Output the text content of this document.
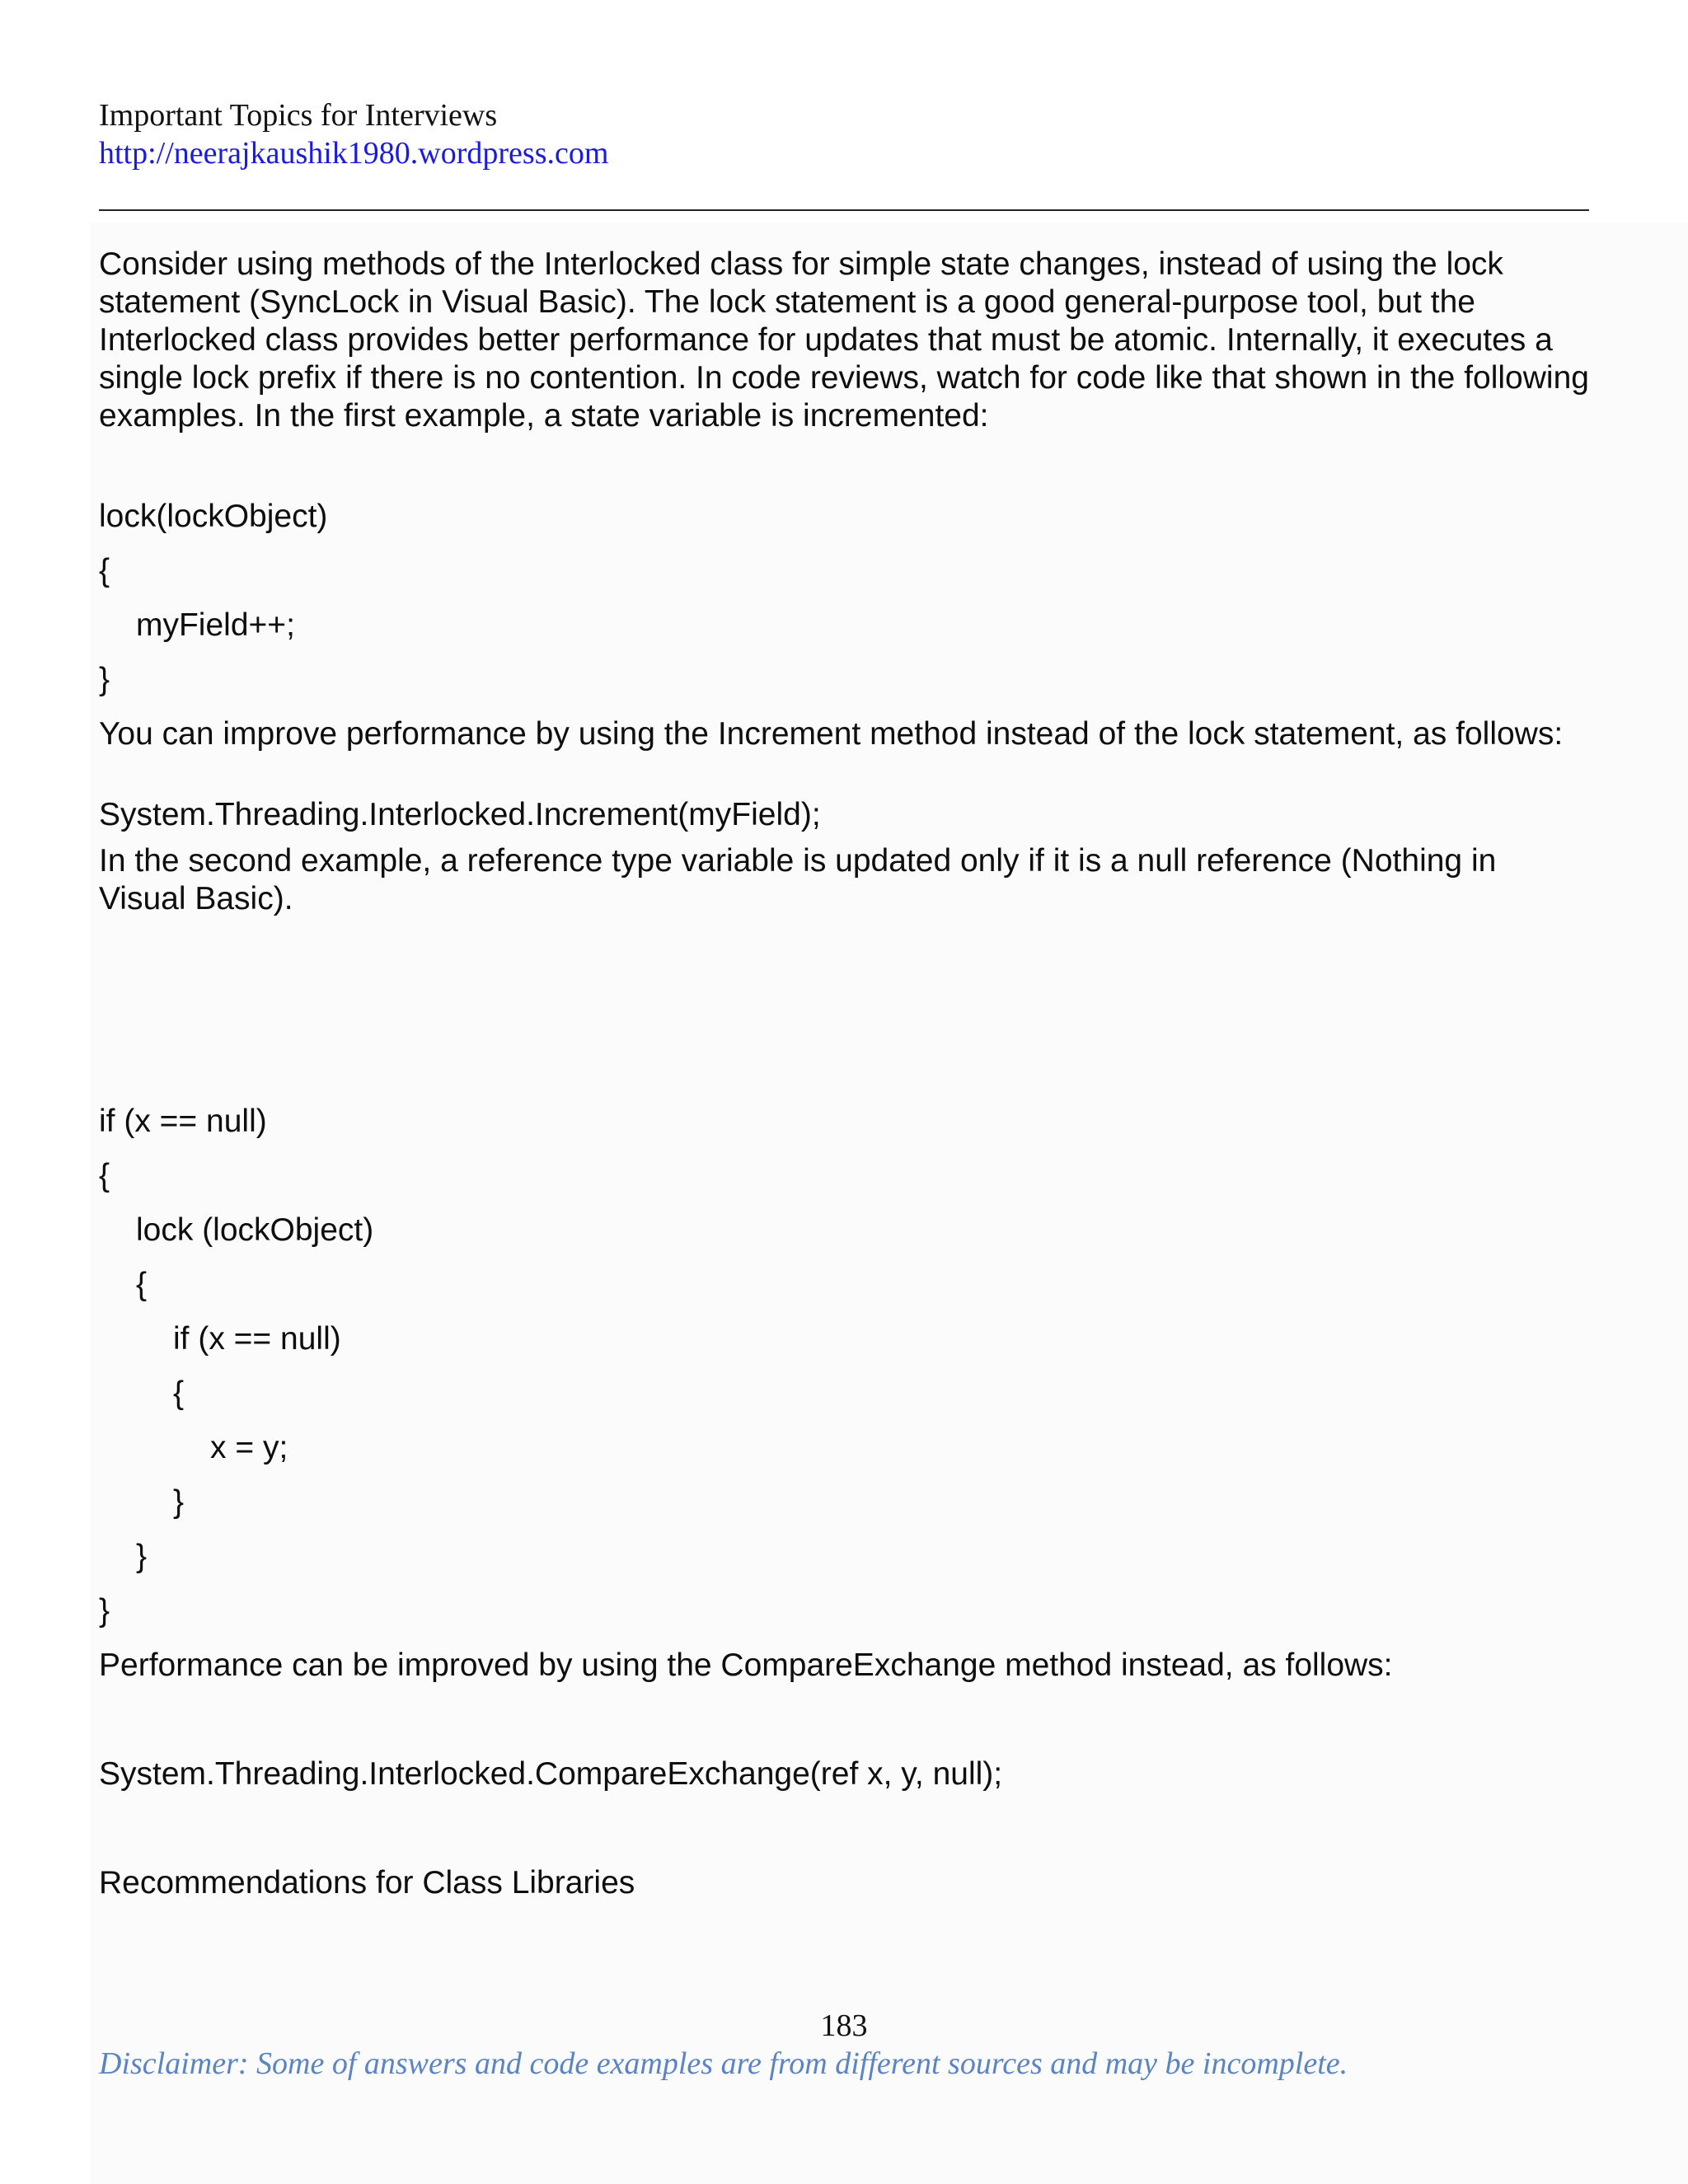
Important Topics for Interviews
http://neerajkaushik1980.wordpress.com

Consider using methods of the Interlocked class for simple state changes, instead of using the lock statement (SyncLock in Visual Basic). The lock statement is a good general-purpose tool, but the Interlocked class provides better performance for updates that must be atomic. Internally, it executes a single lock prefix if there is no contention. In code reviews, watch for code like that shown in the following examples. In the first example, a state variable is incremented:

lock(lockObject)
{
myField++;
}

You can improve performance by using the Increment method instead of the lock statement, as follows:

System.Threading.Interlocked.Increment(myField);

In the second example, a reference type variable is updated only if it is a null reference (Nothing in Visual Basic).

if (x == null)
{
lock (lockObject)
{
if (x == null)
{
x = y;
}
}
}
Performance can be improved by using the CompareExchange method instead, as follows:
System.Threading.Interlocked.CompareExchange(ref x, y, null);
Recommendations for Class Libraries
183
Disclaimer: Some of answers and code examples are from different sources and may be incomplete.
